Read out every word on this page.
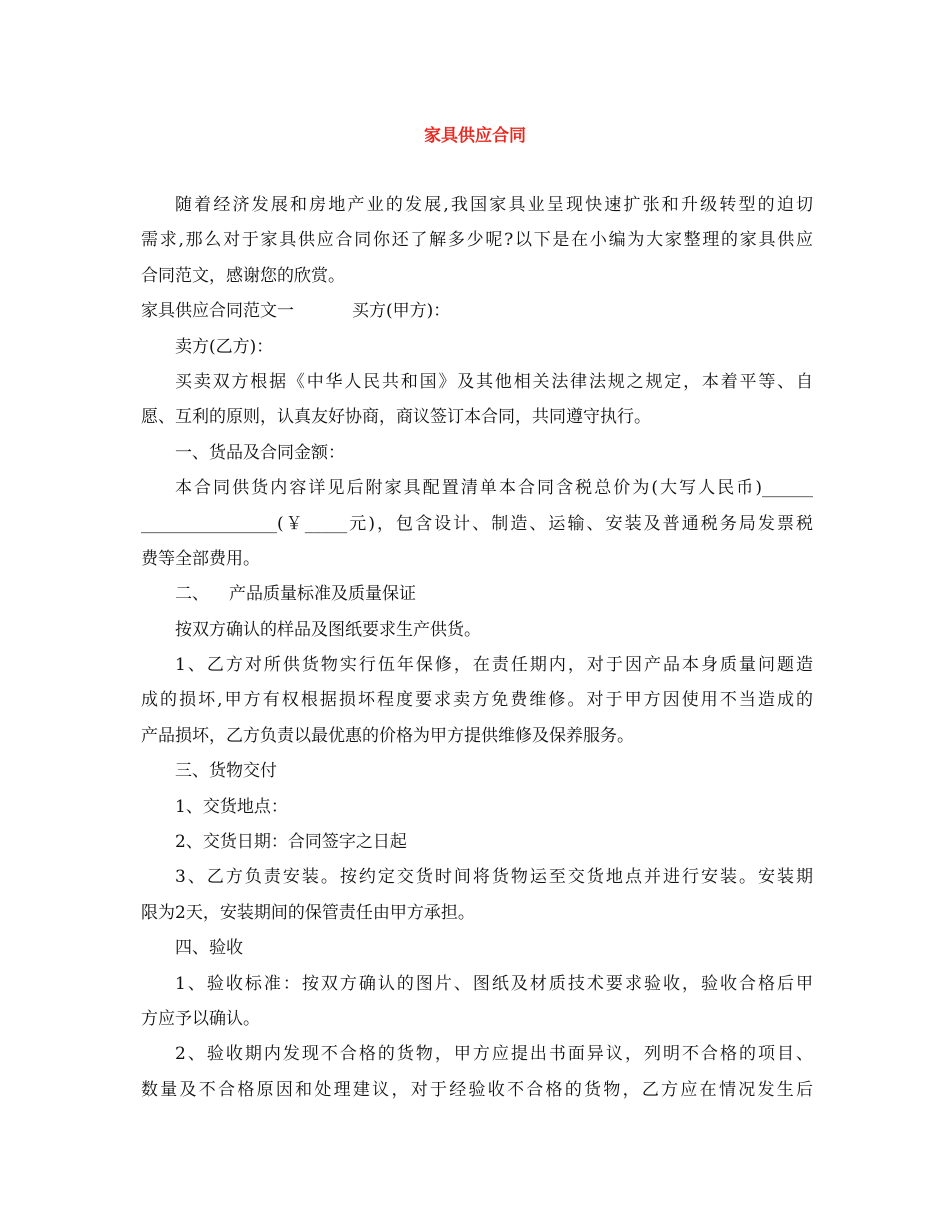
家具供应合同
随着经济发展和房地产业的发展,我国家具业呈现快速扩张和升级转型的迫切
需求,那么对于家具供应合同你还了解多少呢?以下是在小编为大家整理的家具供应
合同范文，感谢您的欣赏。
家具供应合同范文一	买方(甲方)：
卖方(乙方)：
买卖双方根据《中华人民共和国》及其他相关法律法规之规定，本着平等、自
愿、互利的原则，认真友好协商，商议签订本合同，共同遵守执行。
一、货品及合同金额：
本合同供货内容详见后附家具配置清单本合同含税总价为(大写人民币)______
________________(￥_____元)，包含设计、制造、运输、安装及普通税务局发票税
费等全部费用。
二、 产品质量标准及质量保证
按双方确认的样品及图纸要求生产供货。
1、乙方对所供货物实行伍年保修，在责任期内，对于因产品本身质量问题造
成的损坏,甲方有权根据损坏程度要求卖方免费维修。对于甲方因使用不当造成的
产品损坏，乙方负责以最优惠的价格为甲方提供维修及保养服务。
三、货物交付
1、交货地点：
2、交货日期：合同签字之日起
3、乙方负责安装。按约定交货时间将货物运至交货地点并进行安装。安装期
限为2天，安装期间的保管责任由甲方承担。
四、验收
1、验收标准：按双方确认的图片、图纸及材质技术要求验收，验收合格后甲
方应予以确认。
2、验收期内发现不合格的货物，甲方应提出书面异议，列明不合格的项目、
数量及不合格原因和处理建议，对于经验收不合格的货物，乙方应在情况发生后
